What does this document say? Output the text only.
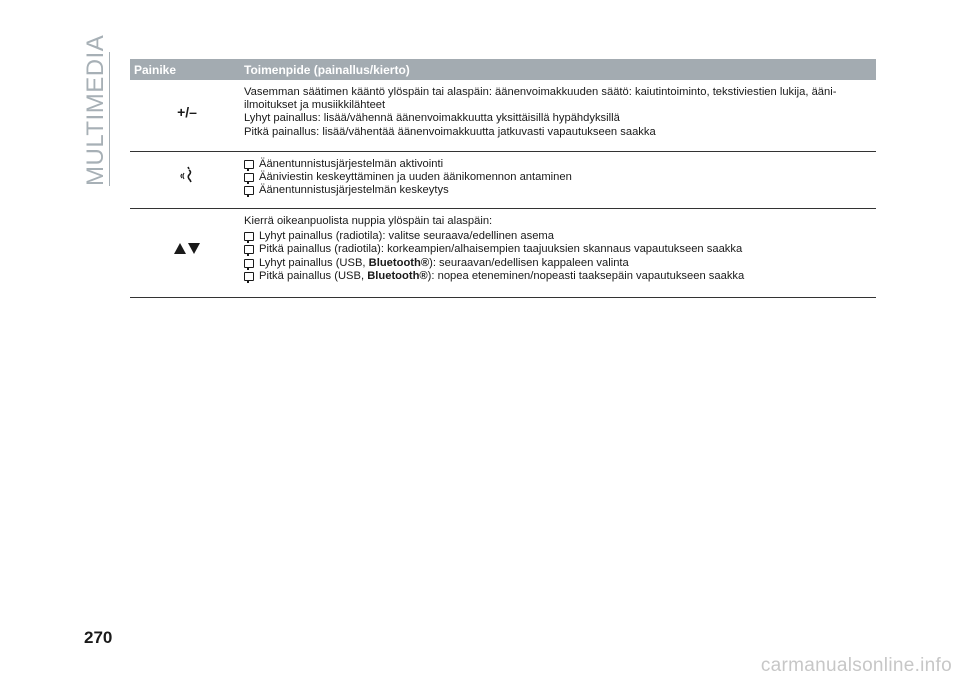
MULTIMEDIA	Painike	Toimenpide (painallus/kierto)
+/–

Vasemman säätimen kääntö ylöspäin tai alaspäin: äänenvoimakkuuden säätö: kaiutintoiminto, tekstiviestien lukija, ääni-ilmoitukset ja musiikkilähteet

Lyhyt painallus: lisää/vähennä äänenvoimakkuutta yksittäisillä hypähdyksillä

Pitkä painallus: lisää/vähentää äänenvoimakkuutta jatkuvasti vapautukseen saakka

Äänentunnistusjärjestelmän aktivointi
Ääniviestin keskeyttäminen ja uuden äänikomennon antaminen
Äänentunnistusjärjestelmän keskeytys

Kierrä oikeanpuolista nuppia ylöspäin tai alaspäin:

Lyhyt painallus (radiotila): valitse seuraava/edellinen asema
Pitkä painallus (radiotila): korkeampien/alhaisempien taajuuksien skannaus vapautukseen saakka
Lyhyt painallus (USB, Bluetooth®): seuraavan/edellisen kappaleen valinta
Pitkä painallus (USB, Bluetooth®): nopea eteneminen/nopeasti taaksepäin vapautukseen saakka
270
carmanualsonline.info
